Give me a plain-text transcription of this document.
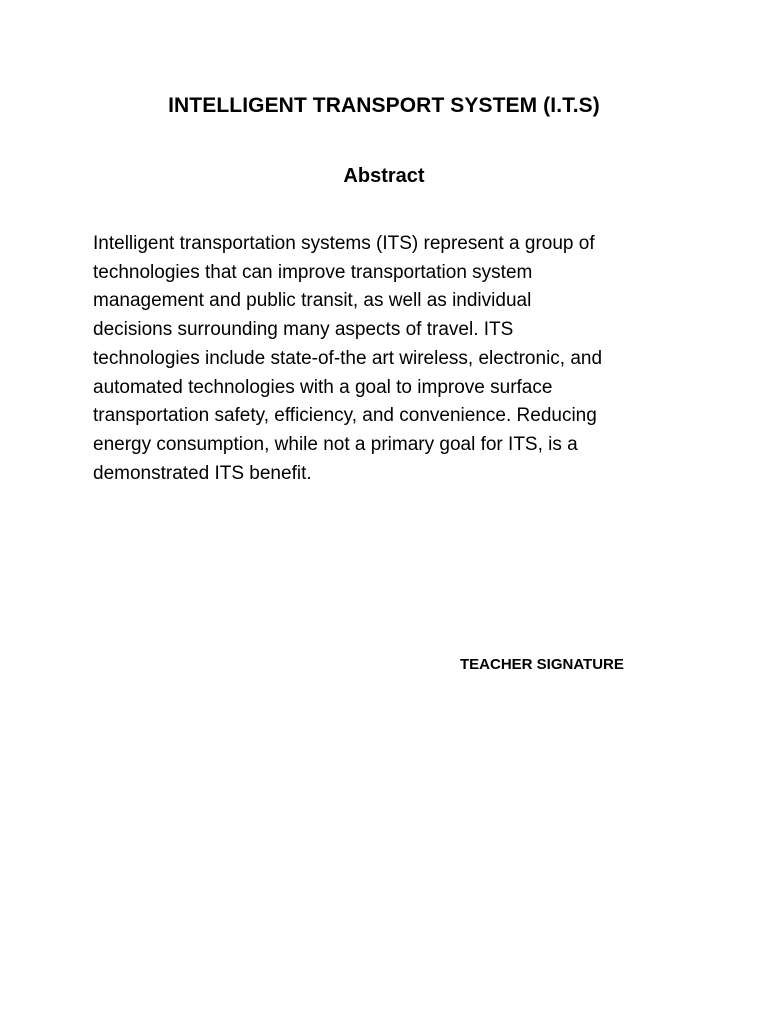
INTELLIGENT TRANSPORT SYSTEM (I.T.S)
Abstract

Intelligent transportation systems (ITS) represent a group of
technologies that can improve transportation system
management and public transit, as well as individual
decisions surrounding many aspects of travel. ITS
technologies include state-of-the art wireless, electronic, and
automated technologies with a goal to improve surface
transportation safety, efficiency, and convenience. Reducing
energy consumption, while not a primary goal for ITS, is a
demonstrated ITS benefit.

TEACHER SIGNATURE
